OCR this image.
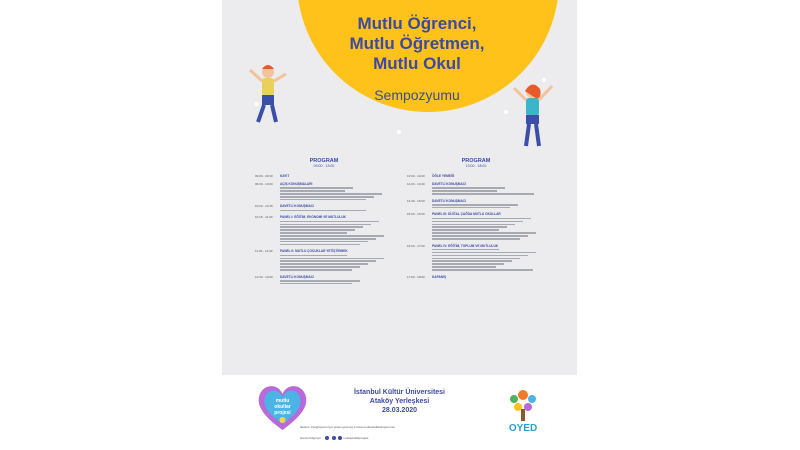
Mutlu Öğrenci,
Mutlu Öğretmen,
Mutlu Okul
Sempozyumu
PROGRAM
09:00 - 13:00
09:00 - 09:30 KAYIT
09:30 - 10:00 AÇIŞ KONUŞMALARI
10:00 - 10:15 DAVETLİ KONUŞMACI
10:15 - 11:30 PANEL I: EĞİTİM, EKONOMİ VE MUTLULUK
11:30 - 12:30 PANEL II: MUTLU ÇOCUKLAR YETİŞTİRMEK
12:30 - 13:00 DAVETLİ KONUŞMACI
PROGRAM
13:00 - 18:00
13:00 - 14:00 ÖĞLE YEMEĞİ
14:00 - 14:30 DAVETLİ KONUŞMACI
14:30 - 15:00 DAVETLİ KONUŞMACI
15:00 - 16:00 PANEL III: DİJİTAL ÇAĞDA MUTLU OKULLAR
16:00 - 17:00 PANEL IV: EĞİTİM, TOPLUM VE MUTLULUK
17:00 - 18:00 KAPANIŞ
mutlu
okullar
projesi
İstanbul Kültür Üniversitesi
Ataköy Yerleşkesi
28.03.2020
OYED
İletişim: info@oyed.org.tr www.oyed.org.tr www.mutluokullarprojesi.com
Güncel bilgi için:	mutluokullarprojesi
